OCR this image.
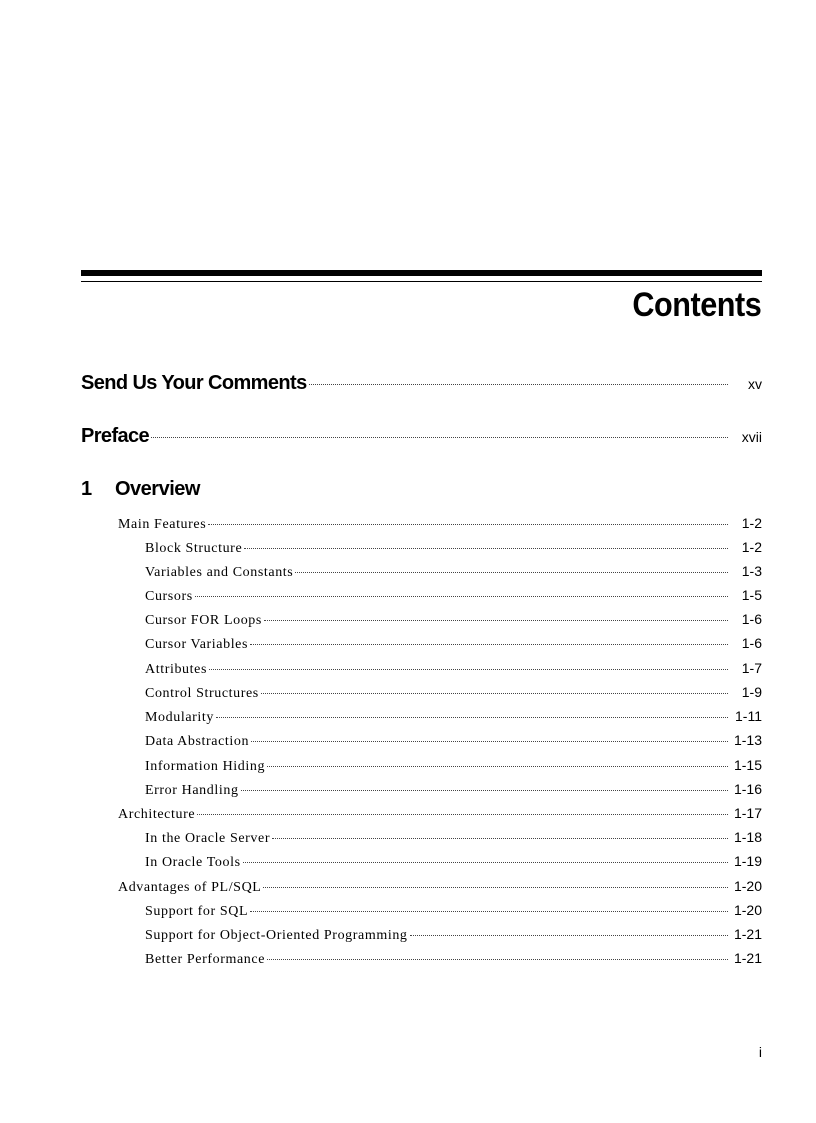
Contents
Send Us Your Comments	xv
Preface	xvii
1	Overview
Main Features	1-2
Block Structure	1-2
Variables and Constants	1-3
Cursors	1-5
Cursor FOR Loops	1-6
Cursor Variables	1-6
Attributes	1-7
Control Structures	1-9
Modularity	1-11
Data Abstraction	1-13
Information Hiding	1-15
Error Handling	1-16
Architecture	1-17
In the Oracle Server	1-18
In Oracle Tools	1-19
Advantages of PL/SQL	1-20
Support for SQL	1-20
Support for Object-Oriented Programming	1-21
Better Performance	1-21
i
